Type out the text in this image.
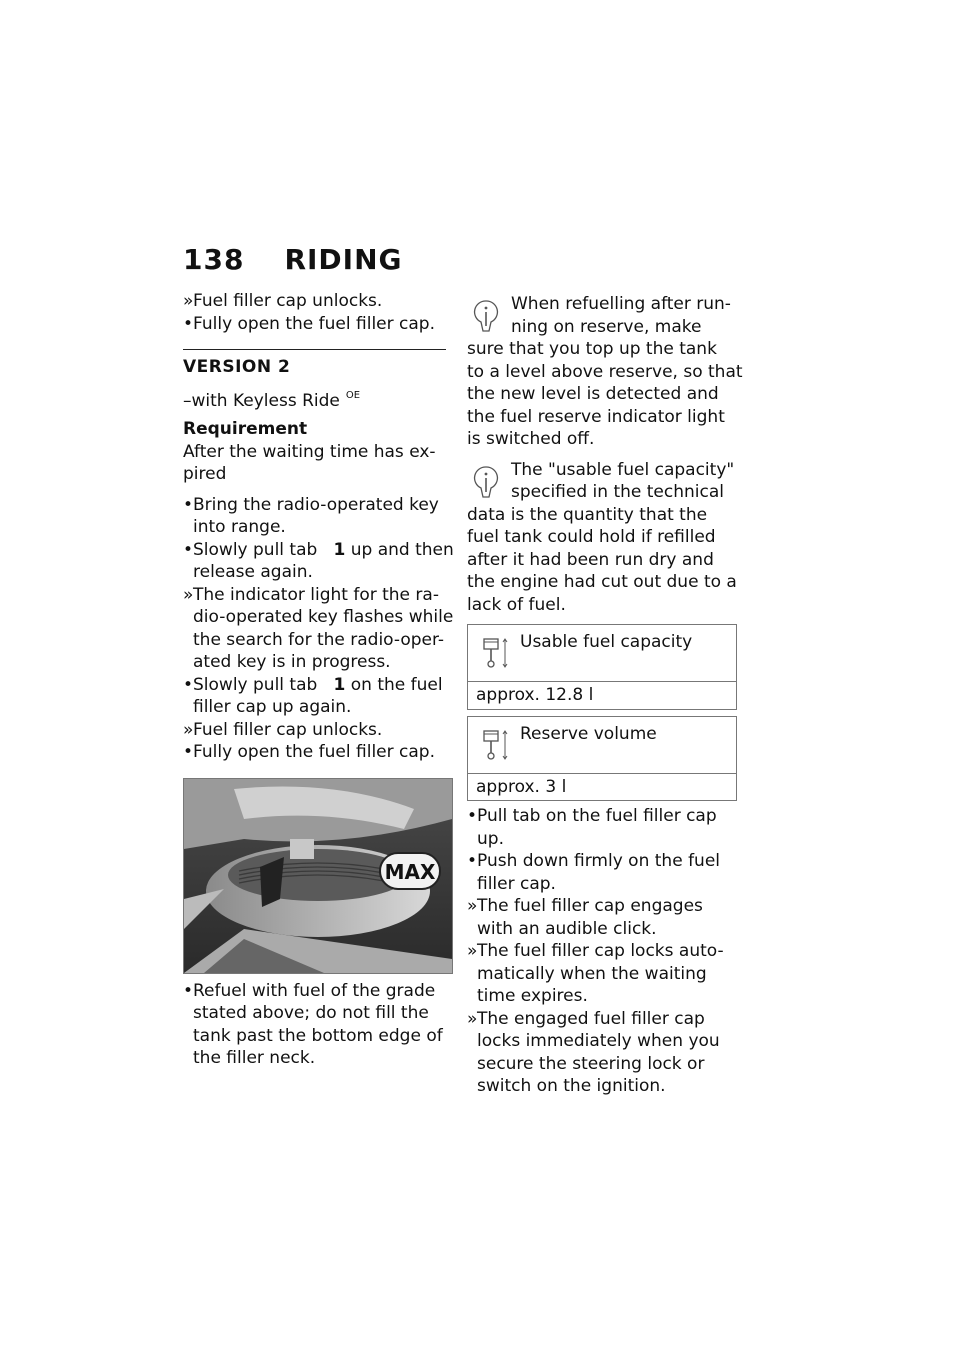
138 RIDING
» Fuel filler cap unlocks.
• Fully open the fuel filler cap.
VERSION 2
–with Keyless Ride $^{OE}$
Requirement
After the waiting time has ex-
pired
• Bring the radio-operated key
into range.
• Slowly pull tab 1 up and then
release again.
» The indicator light for the ra-
dio-operated key flashes while
the search for the radio-oper-
ated key is in progress.
• Slowly pull tab 1 on the fuel
filler cap up again.
» Fuel filler cap unlocks.
• Fully open the fuel filler cap.
MAX
• Refuel with fuel of the grade
stated above; do not fill the
tank past the bottom edge of
the filler neck.
When refuelling after run-
ning on reserve, make
sure that you top up the tank
to a level above reserve, so that
the new level is detected and
the fuel reserve indicator light
is switched off.
The "usable fuel capacity"
specified in the technical
data is the quantity that the
fuel tank could hold if refilled
after it had been run dry and
the engine had cut out due to a
lack of fuel.
Usable fuel capacity
approx. 12.8 l
Reserve volume
approx. 3 l
• Pull tab on the fuel filler cap
up.
• Push down firmly on the fuel
filler cap.
» The fuel filler cap engages
with an audible click.
» The fuel filler cap locks auto-
matically when the waiting
time expires.
» The engaged fuel filler cap
locks immediately when you
secure the steering lock or
switch on the ignition.
